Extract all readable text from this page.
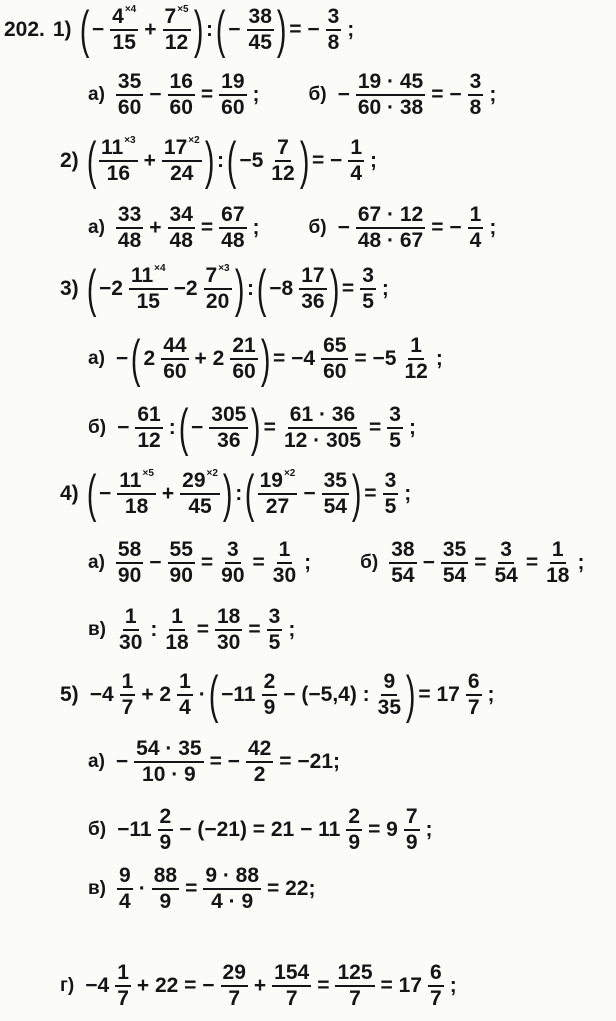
202. 1) ( − $\frac{4^{\times 4}}{15} + \frac{7^{\times 5}}{12}$ ) : ( − $\frac{38}{45}$ ) = − $\frac{3}{8}$ ;
$а) \frac{35}{60} - \frac{16}{60} = \frac{19}{60}$ ;	$б) - \frac{19 \cdot 45}{60 \cdot 38}$ = − $\frac{3}{8}$ ;
2) ( $\frac{11^{\times 3}}{16} + \frac{17^{\times 2}}{24}$ ) : ( $-5 \frac{7}{12}$ ) = − $\frac{1}{4}$ ;
$а) \frac{33}{48} + \frac{34}{48} = \frac{67}{48}$ ;	$б) - \frac{67 \cdot 12}{48 \cdot 67}$ = − $\frac{1}{4}$ ;
3) ( $-2 \frac{11^{\times 4}}{15} -2 \frac{7^{\times 3}}{20}$ ) : ( $-8 \frac{17}{36}$ ) = $\frac{3}{5}$ ;
а) − ( $2 \frac{44}{60} + 2 \frac{21}{60}$ ) = $-4 \frac{65}{60} = -5 \frac{1}{12}$ ;
$б) - \frac{61}{12}$ : ( − $\frac{305}{36}$ ) = $\frac{61 \cdot 36}{12 \cdot 305} = \frac{3}{5}$ ;
4) ( − $\frac{11^{\times 5}}{18} + \frac{29^{\times 2}}{45}$ ) : ( $\frac{19^{\times 2}}{27} - \frac{35}{54}$ ) = $\frac{3}{5}$ ;
$а) \frac{58}{90} - \frac{55}{90} = \frac{3}{90} = \frac{1}{30}$ ;	$б) \frac{38}{54} - \frac{35}{54} = \frac{3}{54} = \frac{1}{18}$ ;
$в) \frac{1}{30}$ : $\frac{1}{18} = \frac{18}{30} = \frac{3}{5}$ ;
$5) -4 \frac{1}{7} + 2 \frac{1}{4}$ · ( $-11 \frac{2}{9} - (-5,4)$ : $\frac{9}{35}$ ) = $17 \frac{6}{7}$ ;
$а) - \frac{54 \cdot 35}{10 \cdot 9}$ = − $\frac{42}{2} = -21$;
$б) -11 \frac{2}{9} - (-21) = 21 - 11 \frac{2}{9} = 9 \frac{7}{9}$ ;
$в) \frac{9}{4} \cdot \frac{88}{9} = \frac{9 \cdot 88}{4 \cdot 9} = 22$;
$г) -4 \frac{1}{7} + 22$ = − $\frac{29}{7} + \frac{154}{7} = \frac{125}{7} = 17 \frac{6}{7}$ ;
